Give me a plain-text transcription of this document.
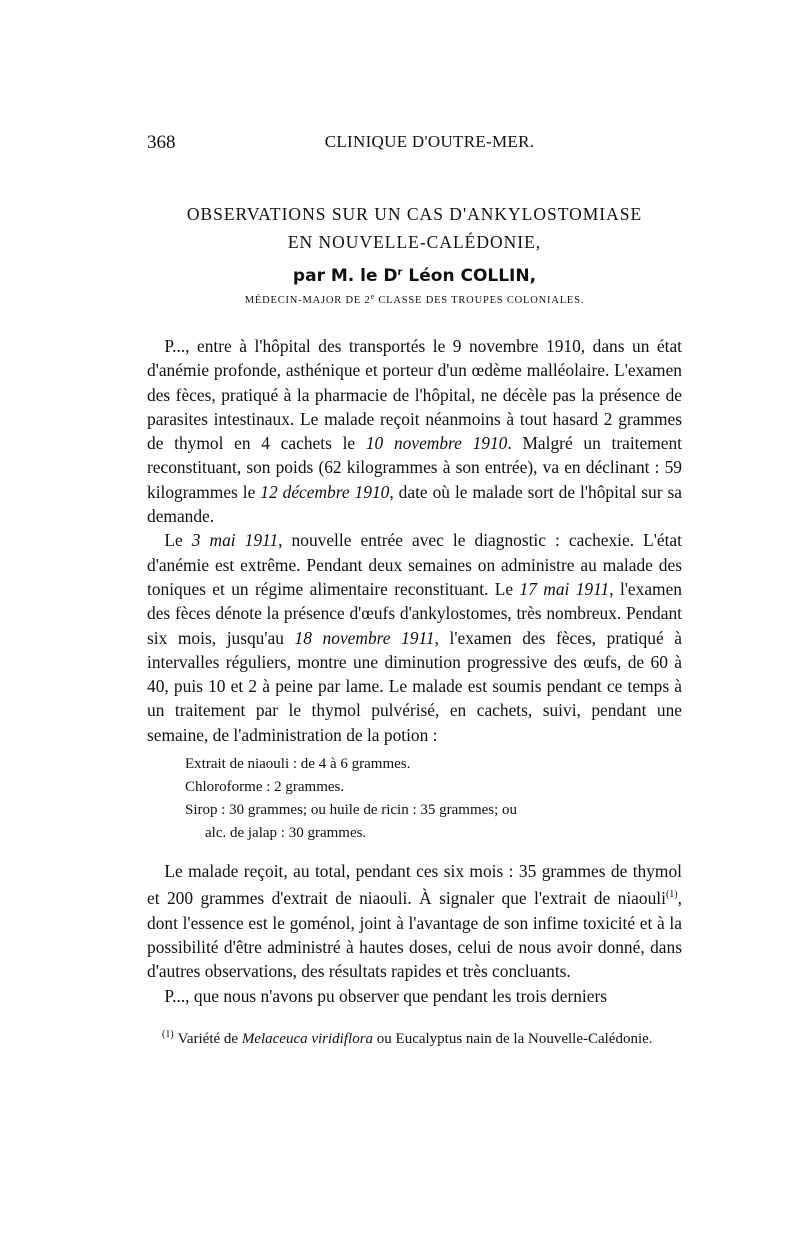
368	CLINIQUE D'OUTRE-MER.
OBSERVATIONS SUR UN CAS D'ANKYLOSTOMIASE
EN NOUVELLE-CALÉDONIE,
par M. le $D^r$ Léon COLLIN,
MÉDECIN-MAJOR DE 2e CLASSE DES TROUPES COLONIALES.

 P..., entre à l'hôpital des transportés le 9 novembre 1910, dans un état d'anémie profonde, asthénique et porteur d'un œdème malléolaire. L'examen des fèces, pratiqué à la pharmacie de l'hôpital, ne décèle pas la présence de parasites intestinaux. Le malade reçoit néanmoins à tout hasard 2 grammes de thymol en 4 cachets le 10 novembre 1910. Malgré un traitement reconstituant, son poids (62 kilogrammes à son entrée), va en déclinant : 59 kilogrammes le 12 décembre 1910, date où le malade sort de l'hôpital sur sa demande.

 Le 3 mai 1911, nouvelle entrée avec le diagnostic : cachexie. L'état d'anémie est extrême. Pendant deux semaines on administre au malade des toniques et un régime alimentaire reconstituant. Le 17 mai 1911, l'examen des fèces dénote la présence d'œufs d'ankylostomes, très nombreux. Pendant six mois, jusqu'au 18 novembre 1911, l'examen des fèces, pratiqué à intervalles réguliers, montre une diminution progressive des œufs, de 60 à 40, puis 10 et 2 à peine par lame. Le malade est soumis pendant ce temps à un traitement par le thymol pulvérisé, en cachets, suivi, pendant une semaine, de l'administration de la potion :

Extrait de niaouli : de 4 à 6 grammes.
Chloroforme : 2 grammes.
Sirop : 30 grammes; ou huile de ricin : 35 grammes; ou
alc. de jalap : 30 grammes.

 Le malade reçoit, au total, pendant ces six mois : 35 grammes de thymol et 200 grammes d'extrait de niaouli. À signaler que l'extrait de niaouli$^{(1)}$, dont l'essence est le goménol, joint à l'avantage de son infime toxicité et à la possibilité d'être administré à hautes doses, celui de nous avoir donné, dans d'autres observations, des résultats rapides et très concluants.

 P..., que nous n'avons pu observer que pendant les trois derniers

 $^{(1)}$ Variété de Melaceuca viridiflora ou Eucalyptus nain de la Nouvelle-Calédonie.
